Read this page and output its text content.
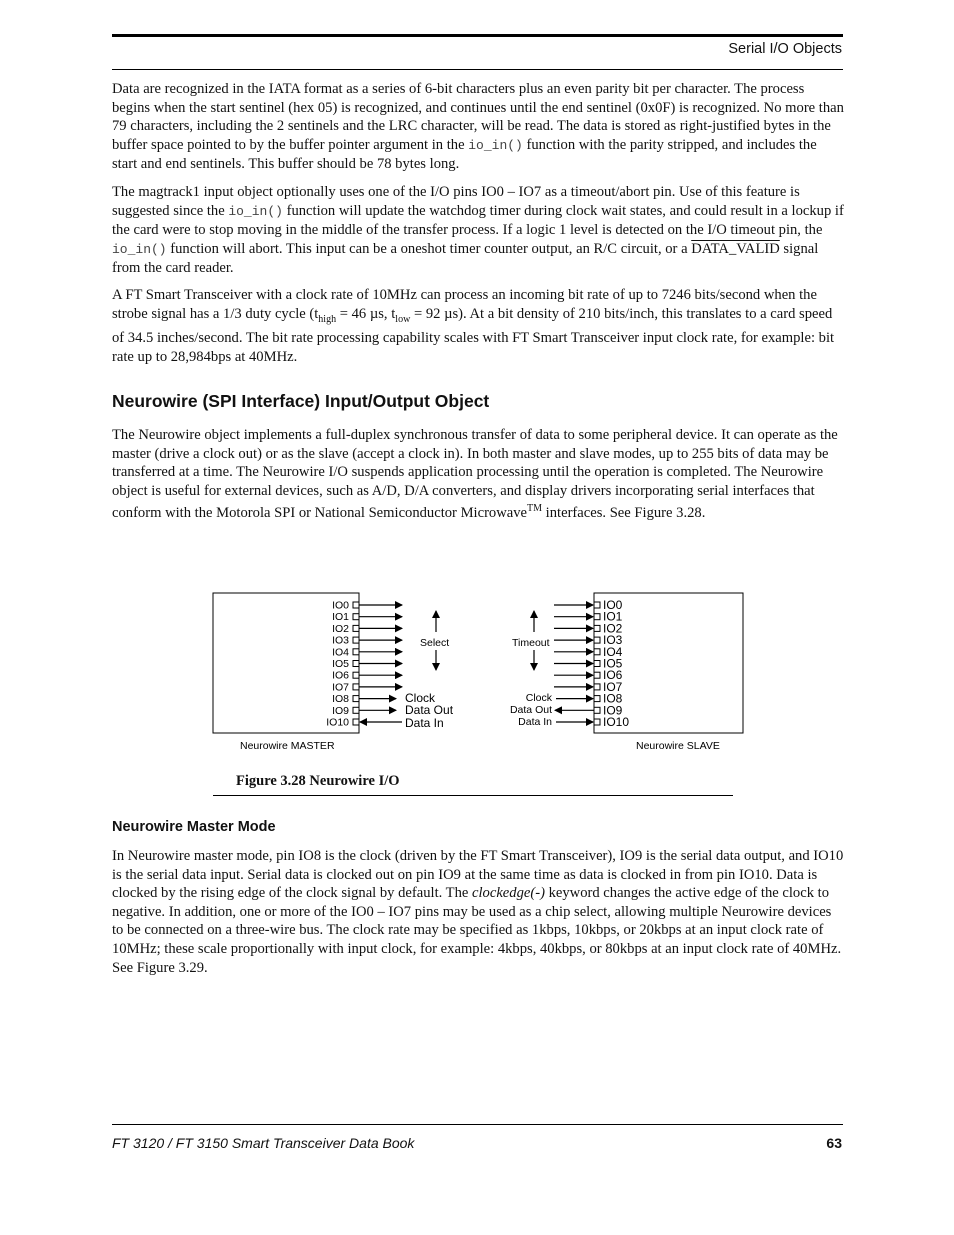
Serial I/O Objects

Data are recognized in the IATA format as a series of 6-bit characters plus an even parity bit per character. The process begins when the start sentinel (hex 05) is recognized, and continues until the end sentinel (0x0F) is recognized. No more than 79 characters, including the 2 sentinels and the LRC character, will be read. The data is stored as right-justified bytes in the buffer space pointed to by the buffer pointer argument in the io_in() function with the parity stripped, and includes the start and end sentinels. This buffer should be 78 bytes long.

The magtrack1 input object optionally uses one of the I/O pins IO0 – IO7 as a timeout/abort pin. Use of this feature is suggested since the io_in() function will update the watchdog timer during clock wait states, and could result in a lockup if the card were to stop moving in the middle of the transfer process. If a logic 1 level is detected on the I/O timeout pin, the io_in() function will abort. This input can be a oneshot timer counter output, an R/C circuit, or a DATA_VALID signal from the card reader.

A FT Smart Transceiver with a clock rate of 10MHz can process an incoming bit rate of up to 7246 bits/second when the strobe signal has a 1/3 duty cycle ($t_{high} = 46$ µs, $t_{low} = 92$ µs). At a bit density of 210 bits/inch, this translates to a card speed of 34.5 inches/second. The bit rate processing capability scales with FT Smart Transceiver input clock rate, for example: bit rate up to 28,984bps at 40MHz.

Neurowire (SPI Interface) Input/Output Object

The Neurowire object implements a full-duplex synchronous transfer of data to some peripheral device. It can operate as the master (drive a clock out) or as the slave (accept a clock in). In both master and slave modes, up to 255 bits of data may be transferred at a time. The Neurowire I/O suspends application processing until the operation is completed. The Neurowire object is useful for external devices, such as A/D, D/A converters, and display drivers incorporating serial interfaces that conform with the Motorola SPI or National Semiconductor Microwave™ interfaces. See Figure 3.28.

IO0
IO1
IO2
IO3
IO4
IO5
IO6
IO7
IO8
IO9
IO10
IO0
IO1
IO2
IO3
IO4
IO5
IO6
IO7
IO8
IO9
IO10
Select	Timeout
Clock
Data Out
Data In
Clock
Data Out
Data In
Neurowire MASTER	Neurowire SLAVE
Figure 3.28 Neurowire I/O
Neurowire Master Mode

In Neurowire master mode, pin IO8 is the clock (driven by the FT Smart Transceiver), IO9 is the serial data output, and IO10 is the serial data input. Serial data is clocked out on pin IO9 at the same time as data is clocked in from pin IO10. Data is clocked by the rising edge of the clock signal by default. The clockedge(-) keyword changes the active edge of the clock to negative. In addition, one or more of the IO0 – IO7 pins may be used as a chip select, allowing multiple Neurowire devices to be connected on a three-wire bus. The clock rate may be specified as 1kbps, 10kbps, or 20kbps at an input clock rate of 10MHz; these scale proportionally with input clock, for example: 4kbps, 40kbps, or 80kbps at an input clock rate of 40MHz. See Figure 3.29.

FT 3120 / FT 3150 Smart Transceiver Data Book	63
